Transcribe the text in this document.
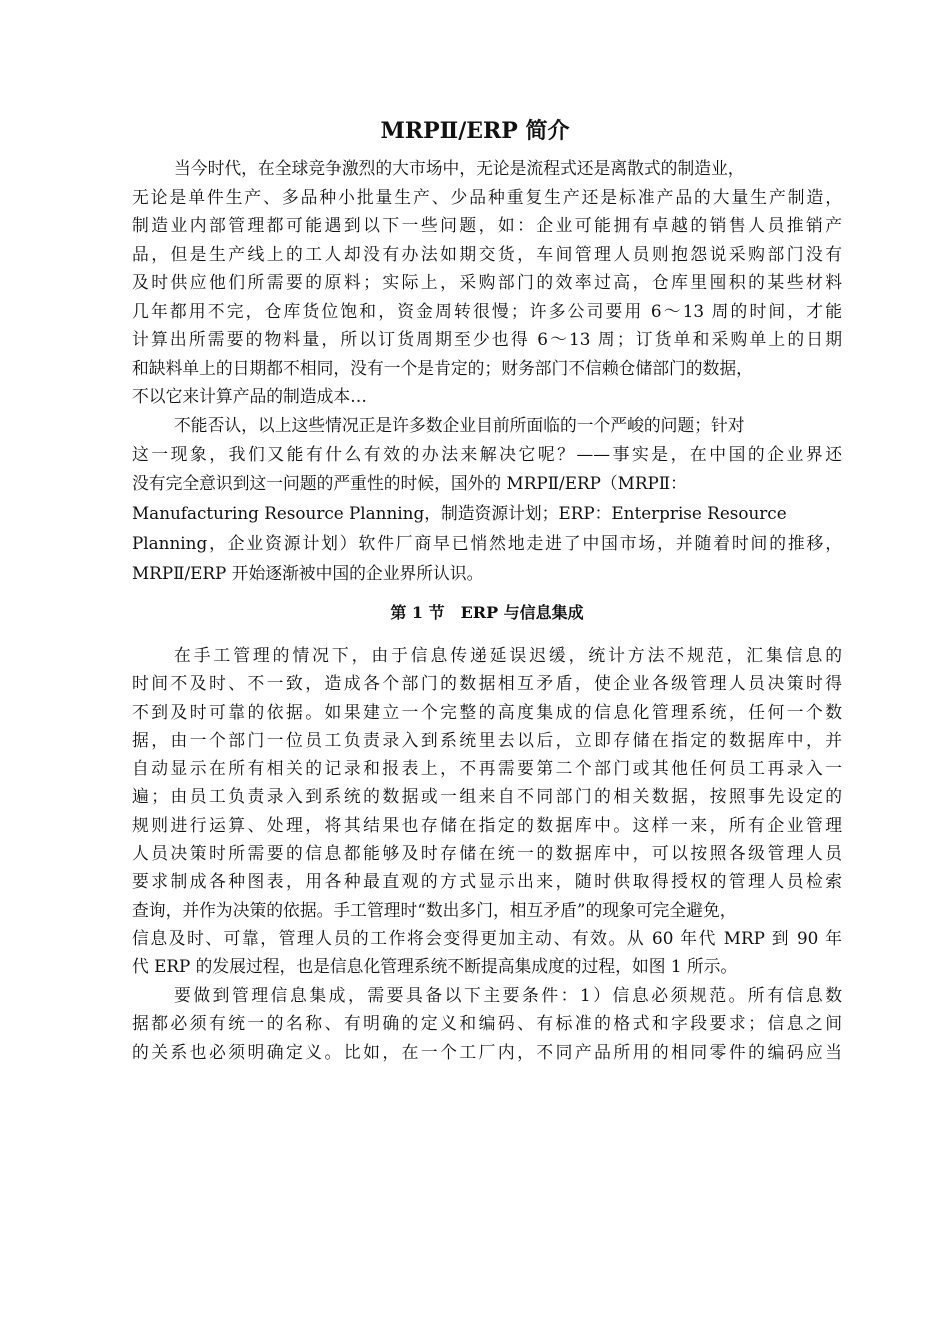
MRPⅡ/ERP 简介
当今时代，在全球竞争激烈的大市场中，无论是流程式还是离散式的制造业，
无论是单件生产、多品种小批量生产、少品种重复生产还是标准产品的大量生产制造，
制造业内部管理都可能遇到以下一些问题，如：企业可能拥有卓越的销售人员推销产
品，但是生产线上的工人却没有办法如期交货，车间管理人员则抱怨说采购部门没有
及时供应他们所需要的原料；实际上，采购部门的效率过高，仓库里囤积的某些材料
几年都用不完，仓库货位饱和，资金周转很慢；许多公司要用 6～13 周的时间，才能
计算出所需要的物料量，所以订货周期至少也得 6～13 周；订货单和采购单上的日期
和缺料单上的日期都不相同，没有一个是肯定的；财务部门不信赖仓储部门的数据，
不以它来计算产品的制造成本…
不能否认，以上这些情况正是许多数企业目前所面临的一个严峻的问题；针对
这一现象，我们又能有什么有效的办法来解决它呢？——事实是，在中国的企业界还
没有完全意识到这一问题的严重性的时候，国外的 MRPⅡ/ERP（MRPⅡ：
Manufacturing Resource Planning，制造资源计划；ERP：Enterprise Resource
Planning，企业资源计划）软件厂商早已悄然地走进了中国市场，并随着时间的推移，
MRPⅡ/ERP 开始逐渐被中国的企业界所认识。
第 1 节　ERP 与信息集成
在手工管理的情况下，由于信息传递延误迟缓，统计方法不规范，汇集信息的
时间不及时、不一致，造成各个部门的数据相互矛盾，使企业各级管理人员决策时得
不到及时可靠的依据。如果建立一个完整的高度集成的信息化管理系统，任何一个数
据，由一个部门一位员工负责录入到系统里去以后，立即存储在指定的数据库中，并
自动显示在所有相关的记录和报表上，不再需要第二个部门或其他任何员工再录入一
遍；由员工负责录入到系统的数据或一组来自不同部门的相关数据，按照事先设定的
规则进行运算、处理，将其结果也存储在指定的数据库中。这样一来，所有企业管理
人员决策时所需要的信息都能够及时存储在统一的数据库中，可以按照各级管理人员
要求制成各种图表，用各种最直观的方式显示出来，随时供取得授权的管理人员检索
查询，并作为决策的依据。手工管理时“数出多门，相互矛盾”的现象可完全避免，
信息及时、可靠，管理人员的工作将会变得更加主动、有效。从 60 年代 MRP 到 90 年
代 ERP 的发展过程，也是信息化管理系统不断提高集成度的过程，如图 1 所示。
要做到管理信息集成，需要具备以下主要条件：1）信息必须规范。所有信息数
据都必须有统一的名称、有明确的定义和编码、有标准的格式和字段要求；信息之间
的关系也必须明确定义。比如，在一个工厂内，不同产品所用的相同零件的编码应当
